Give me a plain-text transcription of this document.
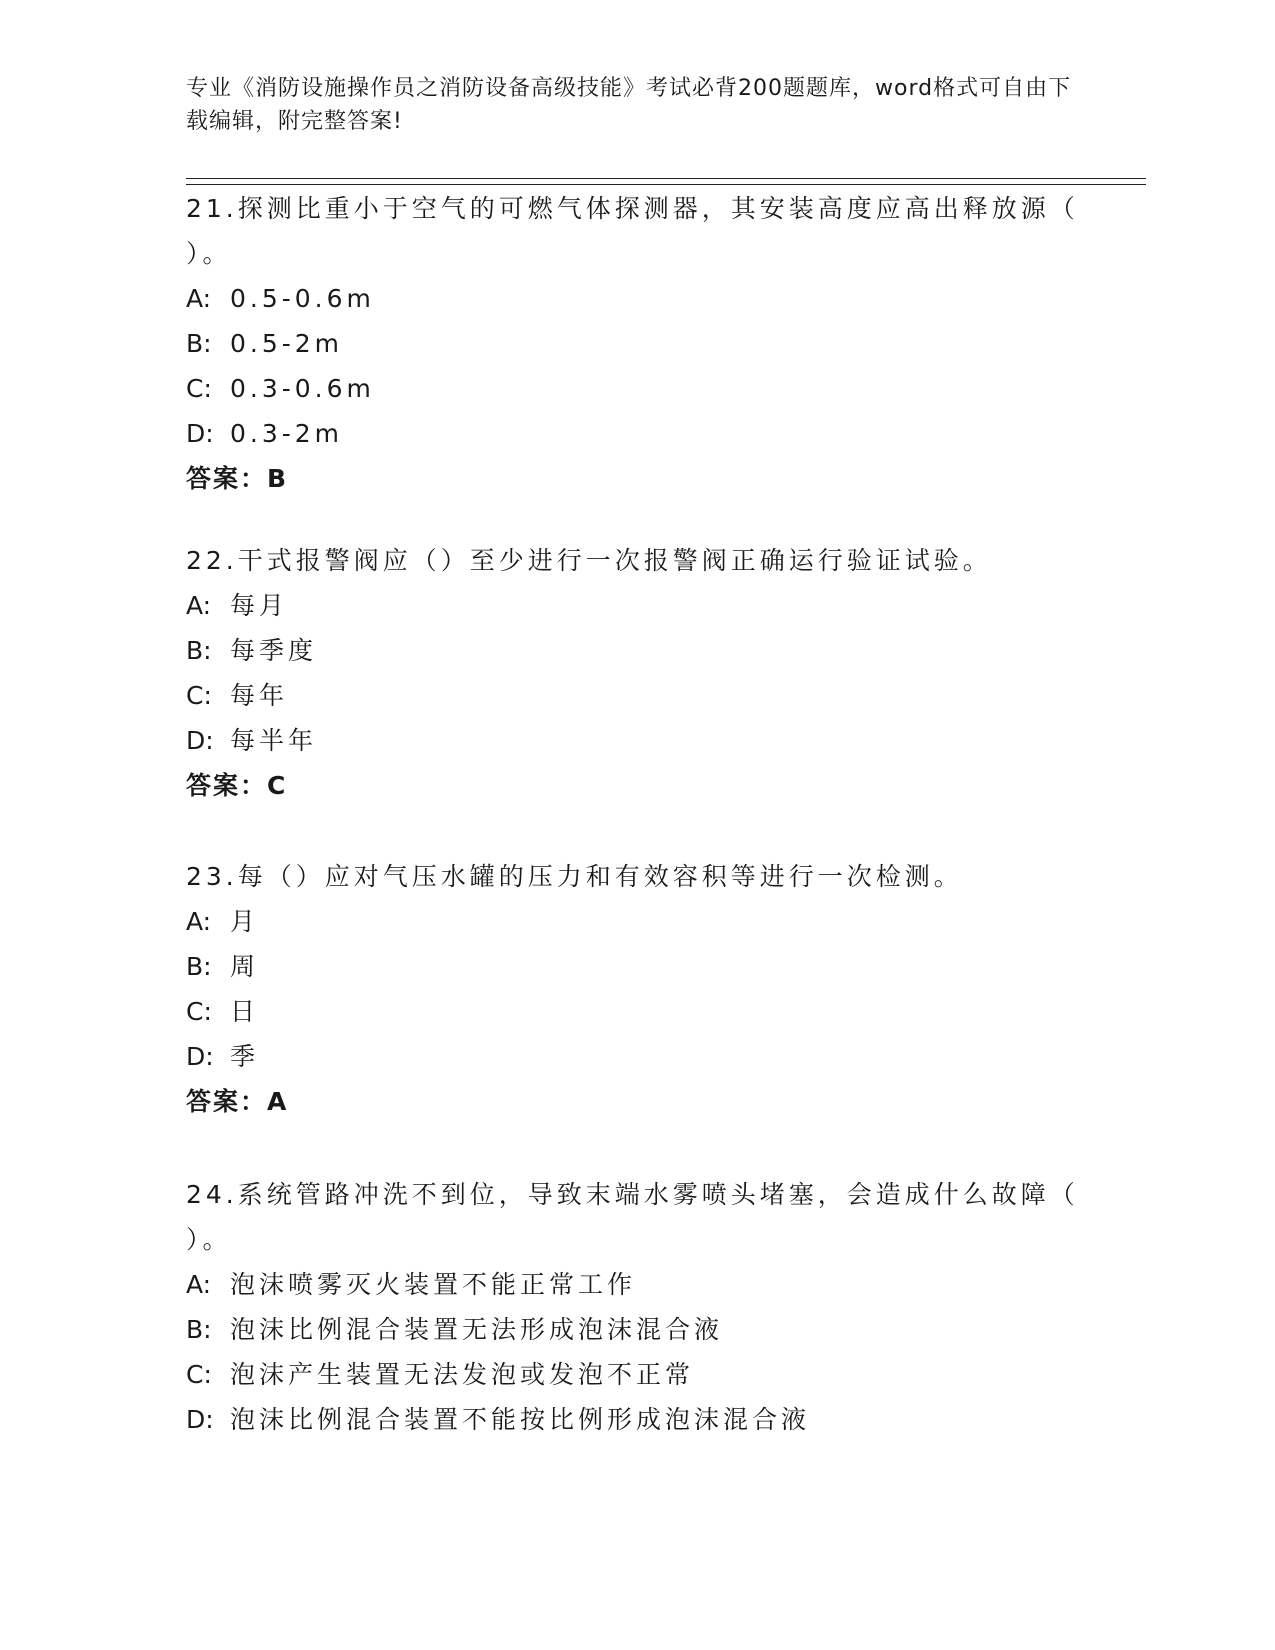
专业《消防设施操作员之消防设备高级技能》考试必背200题题库，word格式可自由下载编辑，附完整答案!

21.探测比重小于空气的可燃气体探测器，其安装高度应高出释放源（ ）。

A: 0.5-0.6m

B: 0.5-2m

C: 0.3-0.6m

D: 0.3-2m

答案：B

22.干式报警阀应（）至少进行一次报警阀正确运行验证试验。

A: 每月

B: 每季度

C: 每年

D: 每半年

答案：C

23.每（）应对气压水罐的压力和有效容积等进行一次检测。

A: 月

B: 周

C: 日

D: 季

答案：A

24.系统管路冲洗不到位，导致末端水雾喷头堵塞，会造成什么故障（ ）。

A: 泡沫喷雾灭火装置不能正常工作

B: 泡沫比例混合装置无法形成泡沫混合液

C: 泡沫产生装置无法发泡或发泡不正常

D: 泡沫比例混合装置不能按比例形成泡沫混合液
